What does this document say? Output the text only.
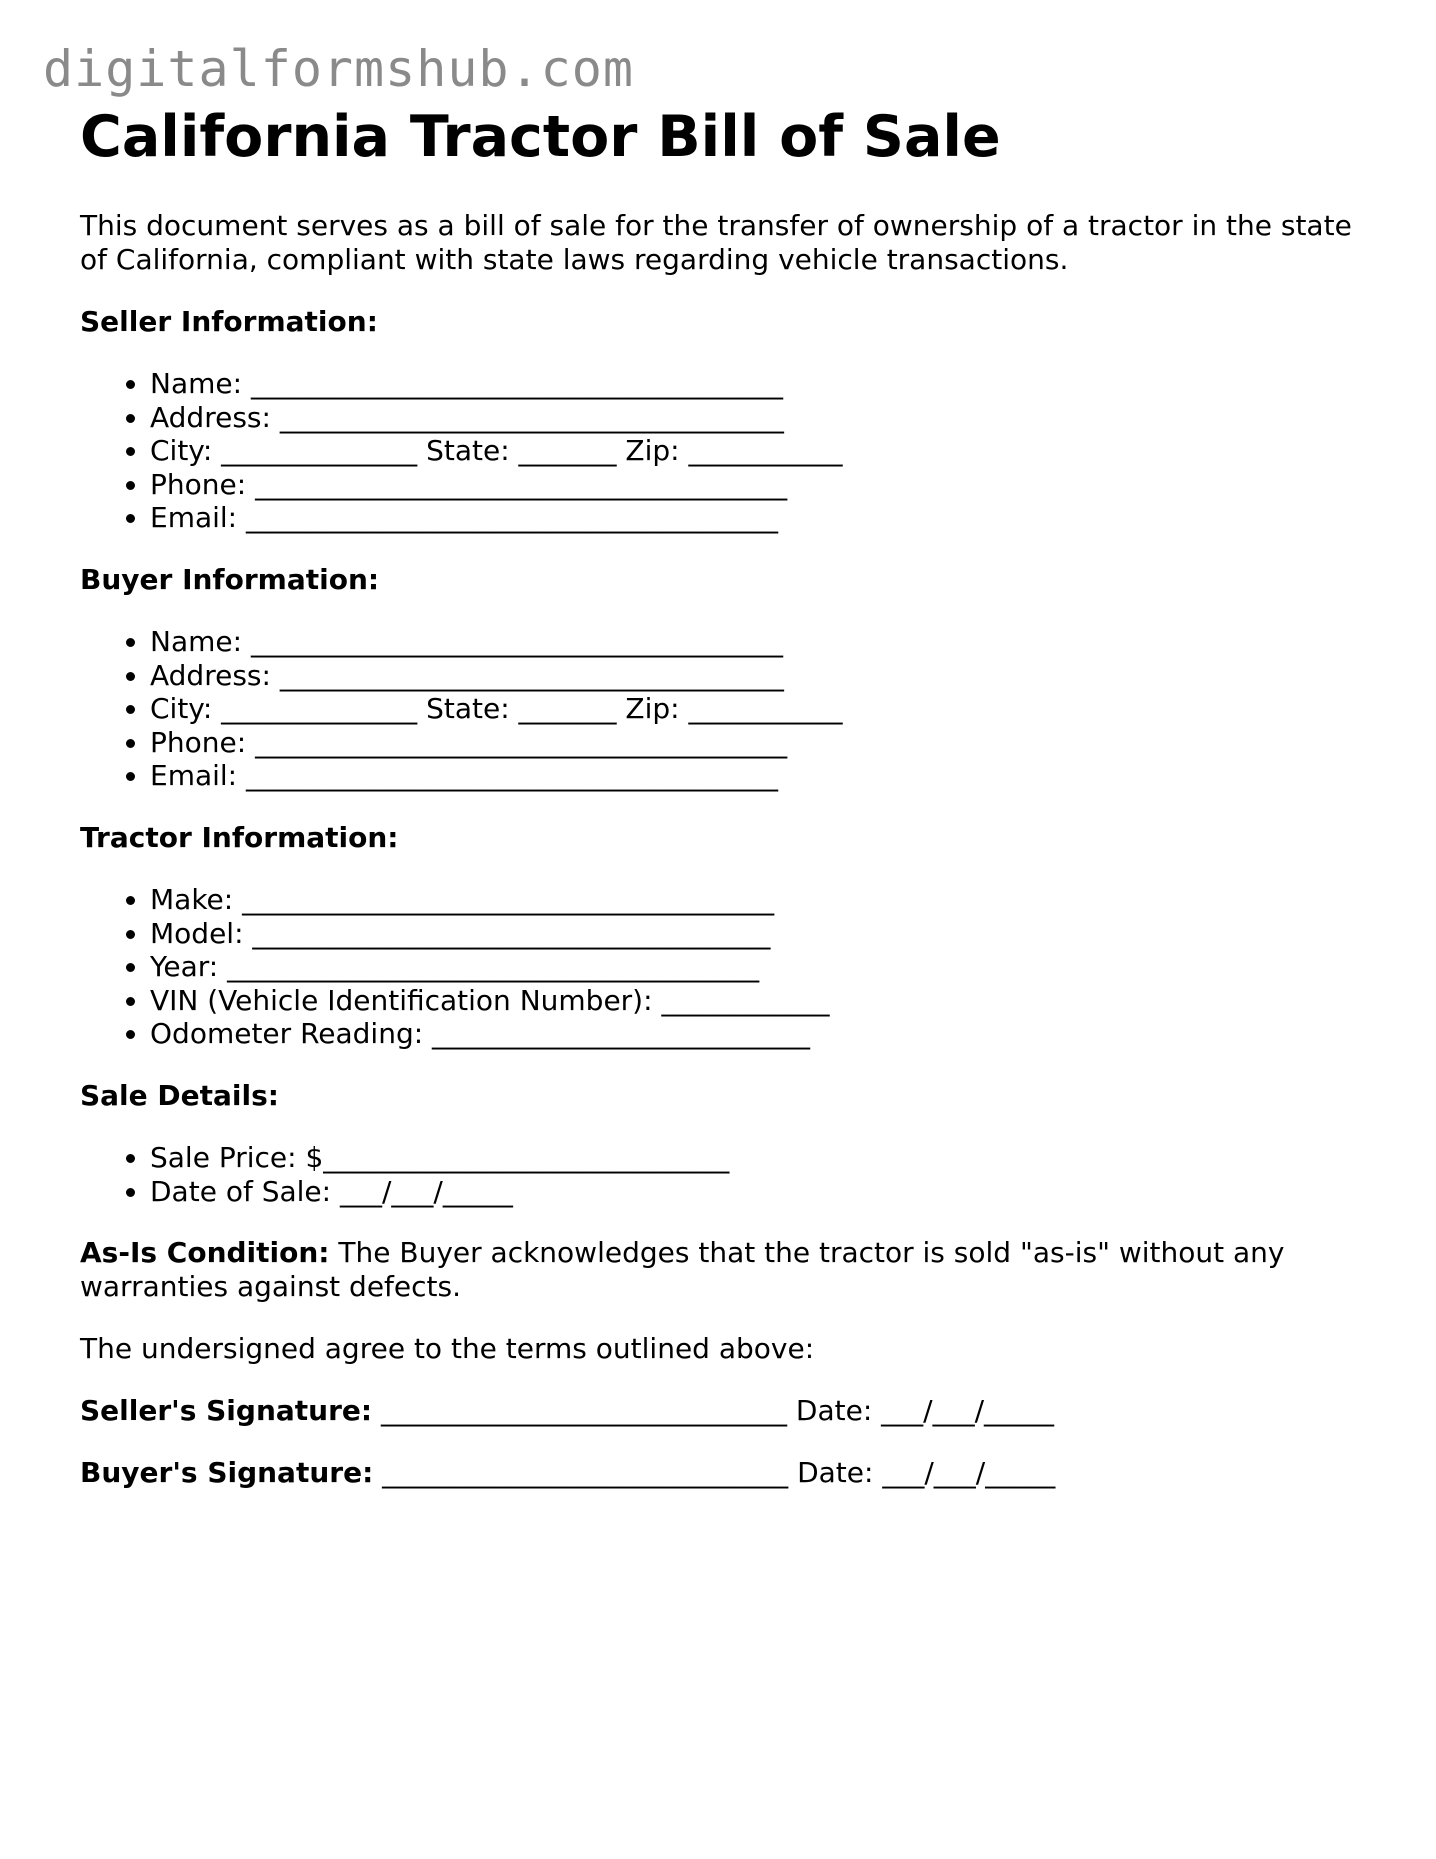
digitalformshub.com
California Tractor Bill of Sale

This document serves as a bill of sale for the transfer of ownership of a tractor in the state of California, compliant with state laws regarding vehicle transactions.

Seller Information:

• Name: ______________________________________
• Address: ____________________________________
• City: ______________ State: _______ Zip: ___________
• Phone: ______________________________________
• Email: ______________________________________

Buyer Information:

• Name: ______________________________________
• Address: ____________________________________
• City: ______________ State: _______ Zip: ___________
• Phone: ______________________________________
• Email: ______________________________________

Tractor Information:

• Make: ______________________________________
• Model: _____________________________________
• Year: ______________________________________
• VIN (Vehicle Identification Number): ____________
• Odometer Reading: ___________________________

Sale Details:

• Sale Price: $_____________________________
• Date of Sale: ___/___/_____

As-Is Condition: The Buyer acknowledges that the tractor is sold "as-is" without any warranties against defects.

The undersigned agree to the terms outlined above:

Seller's Signature: _____________________________ Date: ___/___/_____

Buyer's Signature: _____________________________ Date: ___/___/_____
